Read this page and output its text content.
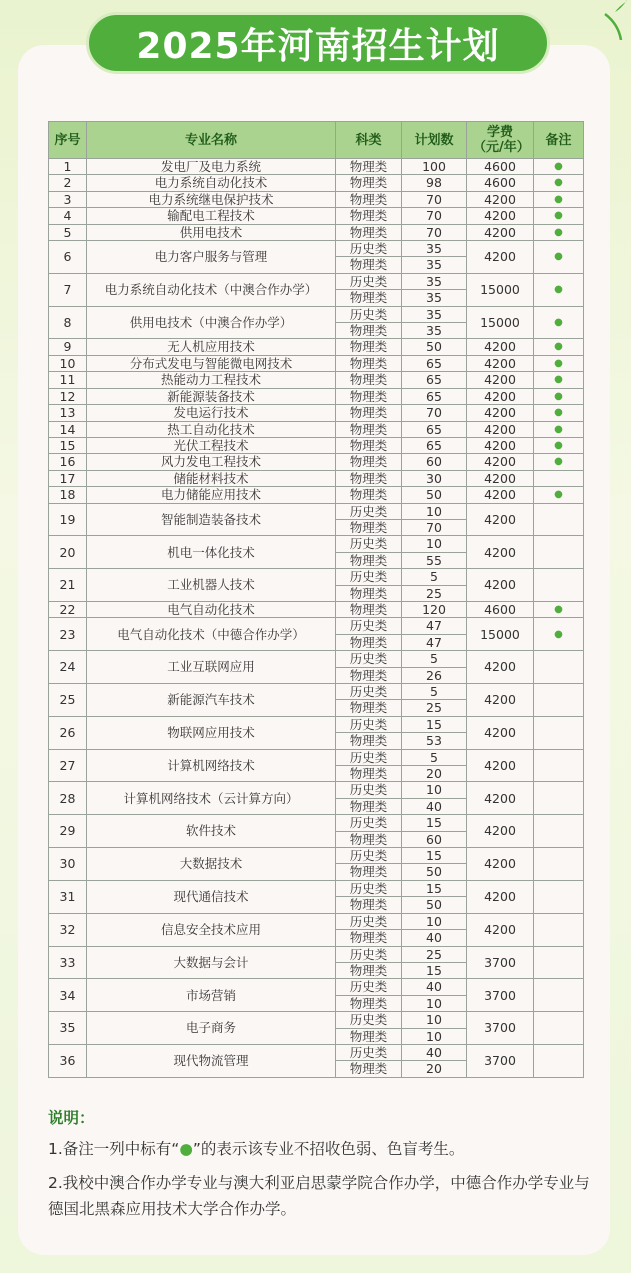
2025年河南招生计划
序号	专业名称	科类	计划数	学费（元/年）	备注
1	发电厂及电力系统	物理类	100	4600	●
2	电力系统自动化技术	物理类	98	4600	●
3	电力系统继电保护技术	物理类	70	4200	●
4	输配电工程技术	物理类	70	4200	●
5	供用电技术	物理类	70	4200	●
6	电力客户服务与管理	历史类	35	4200	●
		物理类	35		
7	电力系统自动化技术（中澳合作办学）	历史类	35	15000	●
		物理类	35		
8	供用电技术（中澳合作办学）	历史类	35	15000	●
		物理类	35		
9	无人机应用技术	物理类	50	4200	●
10	分布式发电与智能微电网技术	物理类	65	4200	●
11	热能动力工程技术	物理类	65	4200	●
12	新能源装备技术	物理类	65	4200	●
13	发电运行技术	物理类	70	4200	●
14	热工自动化技术	物理类	65	4200	●
15	光伏工程技术	物理类	65	4200	●
16	风力发电工程技术	物理类	60	4200	●
17	储能材料技术	物理类	30	4200	
18	电力储能应用技术	物理类	50	4200	●
19	智能制造装备技术	历史类	10	4200	
		物理类	70		
20	机电一体化技术	历史类	10	4200	
		物理类	55		
21	工业机器人技术	历史类	5	4200	
		物理类	25		
22	电气自动化技术	物理类	120	4600	●
23	电气自动化技术（中德合作办学）	历史类	47	15000	●
		物理类	47		
24	工业互联网应用	历史类	5	4200	
		物理类	26		
25	新能源汽车技术	历史类	5	4200	
		物理类	25		
26	物联网应用技术	历史类	15	4200	
		物理类	53		
27	计算机网络技术	历史类	5	4200	
		物理类	20		
28	计算机网络技术（云计算方向）	历史类	10	4200	
		物理类	40		
29	软件技术	历史类	15	4200	
		物理类	60		
30	大数据技术	历史类	15	4200	
		物理类	50		
31	现代通信技术	历史类	15	4200	
		物理类	50		
32	信息安全技术应用	历史类	10	4200	
		物理类	40		
33	大数据与会计	历史类	25	3700	
		物理类	15		
34	市场营销	历史类	40	3700	
		物理类	10		
35	电子商务	历史类	10	3700	
		物理类	10		
36	现代物流管理	历史类	40	3700	
		物理类	20		
说明：

1.备注一列中标有“●”的表示该专业不招收色弱、色盲考生。

2.我校中澳合作办学专业与澳大利亚启思蒙学院合作办学，中德合作办学专业与德国北黑森应用技术大学合作办学。
